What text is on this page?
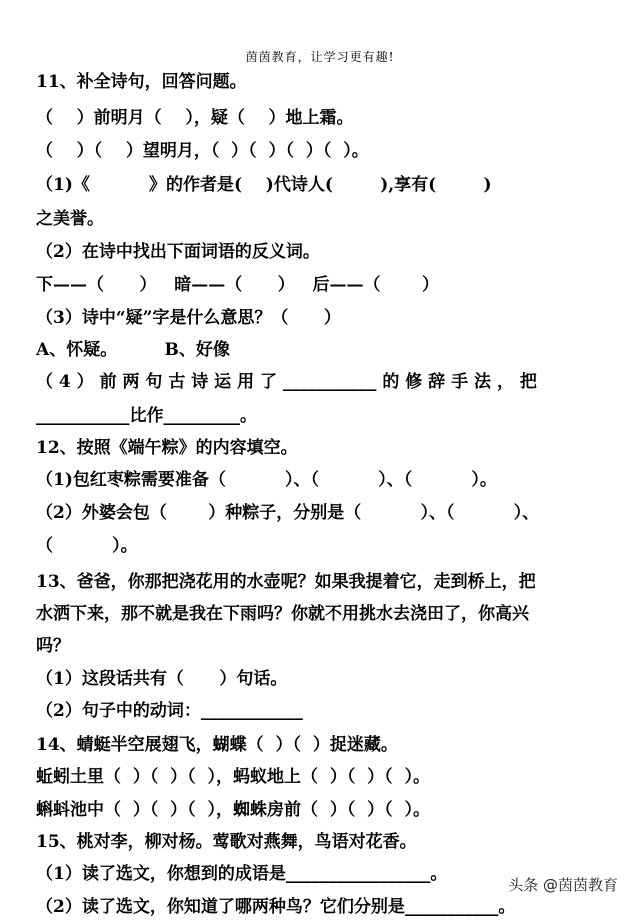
茵茵教育，让学习更有趣!
11、补全诗句，回答问题。
（    ）前明月（    ），疑（    ）地上霜。
（    ）（    ）望明月，（  ）（  ）（  ）（  ）。
（1)《          》的作者是(    )代诗人(        ),享有(        )
之美誉。
（2）在诗中找出下面词语的反义词。
下——（      ）   暗——（      ）   后——（       ）
（3）诗中“疑”字是什么意思？（      ）
A、怀疑。        B、好像
（ 4 ） 前 两 句 古 诗 运 用 了 ___________ 的 修 辞 手 法 ， 把
___________比作_________。
12、按照《端午粽》的内容填空。
（1)包红枣粽需要准备（          ）、（          ）、（          ）。
（2）外婆会包（       ）种粽子，分别是（          ）、（          ）、
（          ）。
13、爸爸，你那把浇花用的水壶呢？如果我提着它，走到桥上，把
水洒下来，那不就是我在下雨吗？你就不用挑水去浇田了，你高兴
吗？
（1）这段话共有（      ）句话。
（2）句子中的动词：____________
14、蜻蜓半空展翅飞，蝴蝶（  ）（  ）捉迷藏。
蚯蚓土里（  ）（  ）（  ），蚂蚁地上（  ）（  ）（  ）。
蝌蚪池中（  ）（  ）（  ），蜘蛛房前（  ）（  ）（  ）。
15、桃对李，柳对杨。莺歌对燕舞，鸟语对花香。
（1）读了选文，你想到的成语是_________________。
（2）读了选文，你知道了哪两种鸟？它们分别是___________。
头条 @茵茵教育
